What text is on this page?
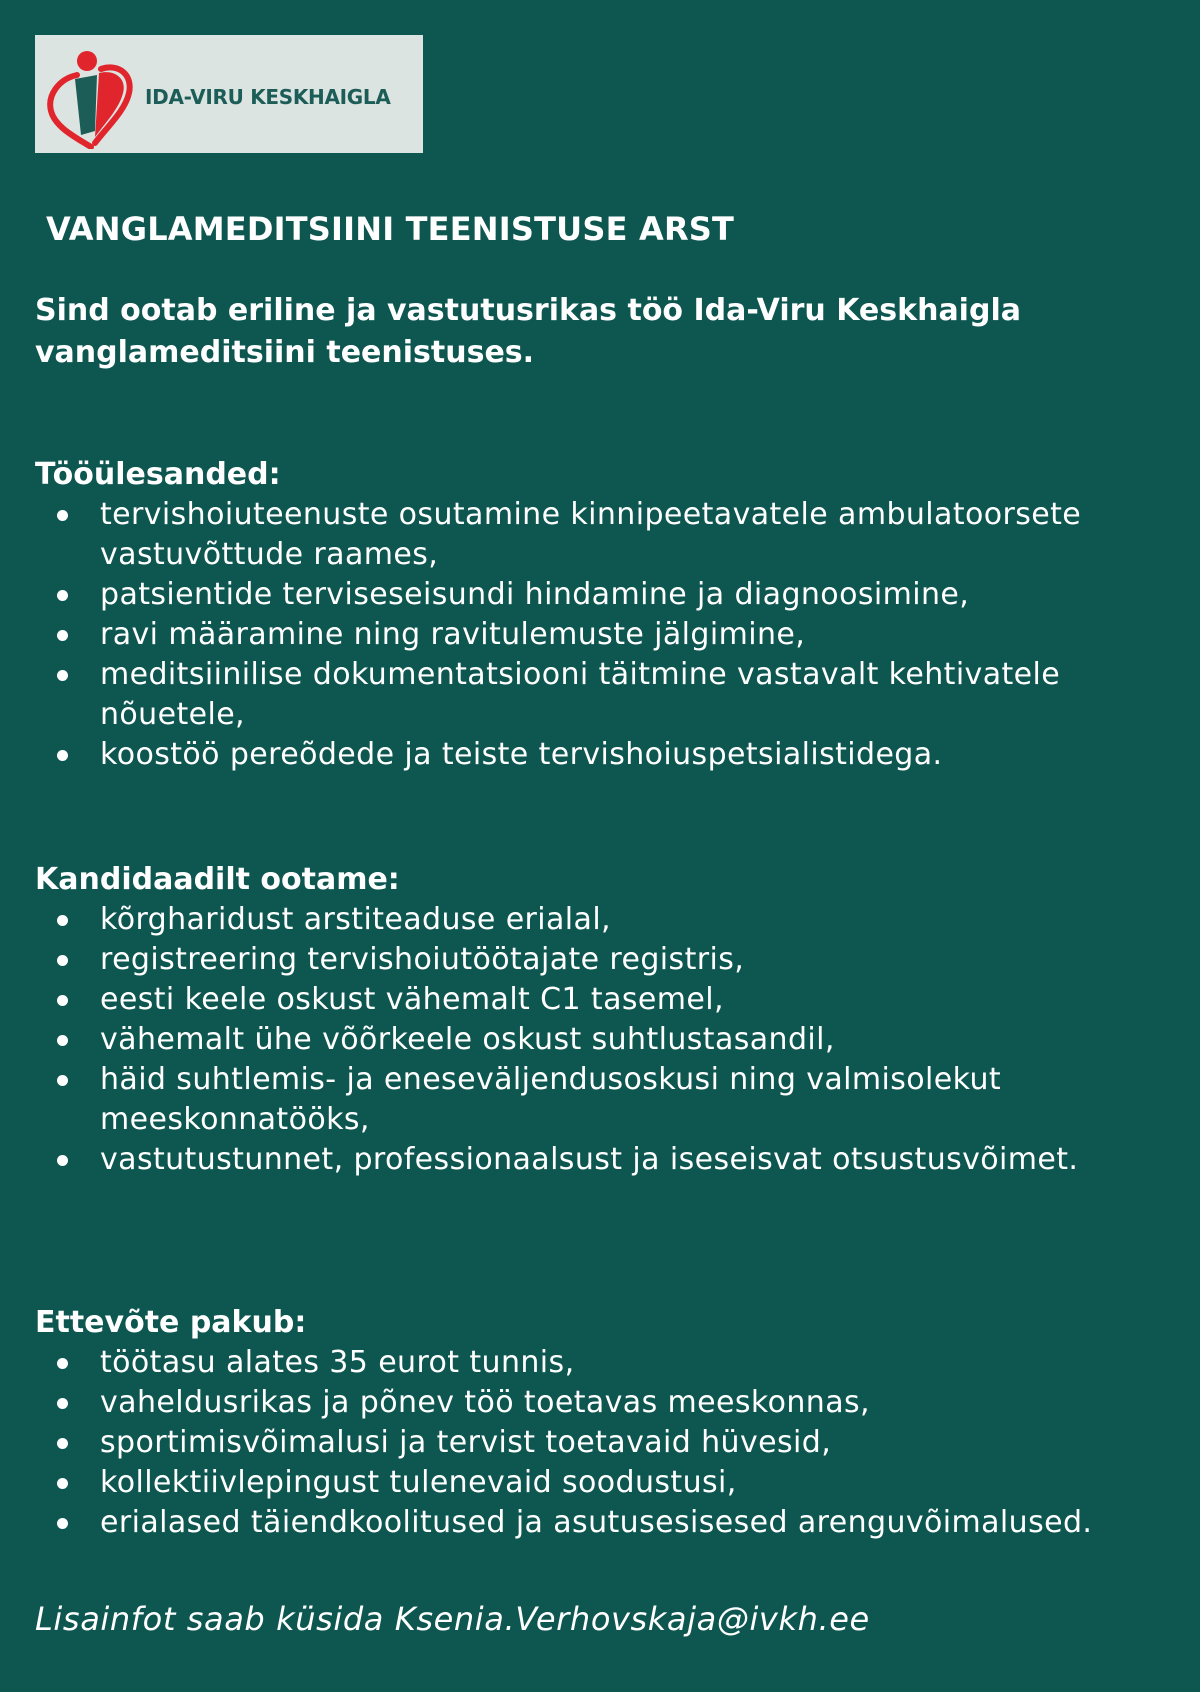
IDA-VIRU KESKHAIGLA
VANGLAMEDITSIINI TEENISTUSE ARST
Sind ootab eriline ja vastutusrikas töö Ida-Viru Keskhaigla vanglameditsiini teenistuses.
Tööülesanded:
tervishoiuteenuste osutamine kinnipeetavatele ambulatoorsete vastuvõttude raames,
patsientide terviseseisundi hindamine ja diagnoosimine,
ravi määramine ning ravitulemuste jälgimine,
meditsiinilise dokumentatsiooni täitmine vastavalt kehtivatele nõuetele,
koostöö pereõdede ja teiste tervishoiuspetsialistidega.
Kandidaadilt ootame:
kõrgharidust arstiteaduse erialal,
registreering tervishoiutöötajate registris,
eesti keele oskust vähemalt C1 tasemel,
vähemalt ühe võõrkeele oskust suhtlustasandil,
häid suhtlemis- ja eneseväljendusoskusi ning valmisolekut meeskonnatööks,
vastutustunnet, professionaalsust ja iseseisvat otsustusvõimet.
Ettevõte pakub:
töötasu alates 35 eurot tunnis,
vaheldusrikas ja põnev töö toetavas meeskonnas,
sportimisvõimalusi ja tervist toetavaid hüvesid,
kollektiivlepingust tulenevaid soodustusi,
erialased täiendkoolitused ja asutusesisesed arenguvõimalused.
Lisainfot saab küsida Ksenia.Verhovskaja@ivkh.ee
